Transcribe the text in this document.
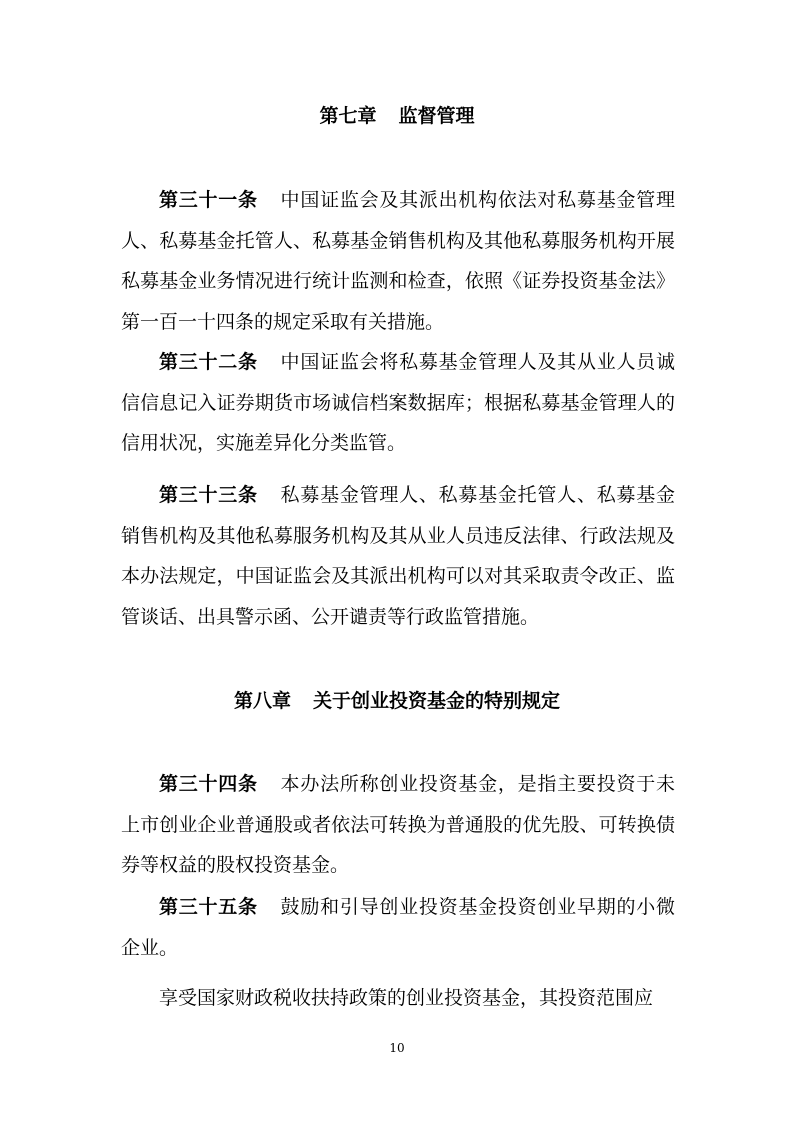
第七章 监督管理

第三十一条 中国证监会及其派出机构依法对私募基金管理人、私募基金托管人、私募基金销售机构及其他私募服务机构开展私募基金业务情况进行统计监测和检查，依照《证券投资基金法》第一百一十四条的规定采取有关措施。

第三十二条 中国证监会将私募基金管理人及其从业人员诚信信息记入证券期货市场诚信档案数据库；根据私募基金管理人的信用状况，实施差异化分类监管。

第三十三条 私募基金管理人、私募基金托管人、私募基金销售机构及其他私募服务机构及其从业人员违反法律、行政法规及本办法规定，中国证监会及其派出机构可以对其采取责令改正、监管谈话、出具警示函、公开谴责等行政监管措施。

第八章 关于创业投资基金的特别规定

第三十四条 本办法所称创业投资基金，是指主要投资于未上市创业企业普通股或者依法可转换为普通股的优先股、可转换债券等权益的股权投资基金。

第三十五条 鼓励和引导创业投资基金投资创业早期的小微企业。

享受国家财政税收扶持政策的创业投资基金，其投资范围应

10
